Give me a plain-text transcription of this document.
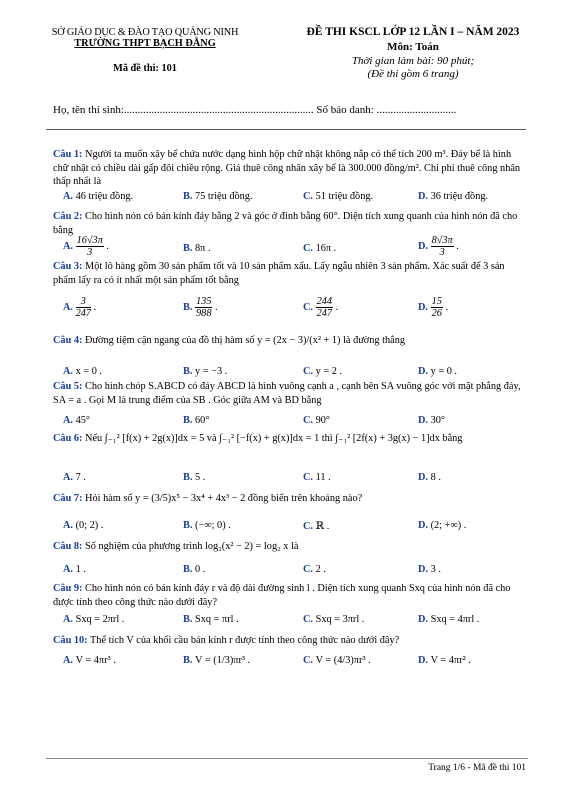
SỞ GIÁO DỤC & ĐÀO TẠO QUẢNG NINH
TRƯỜNG THPT BẠCH ĐẰNG
Mã đề thi: 101
ĐỀ THI KSCL LỚP 12 LẦN I – NĂM 2023
Môn: Toán
Thời gian làm bài: 90 phút;
(Đề thi gồm 6 trang)
Họ, tên thí sinh:..................................................................... Số báo danh: .............................
Câu 1: Người ta muốn xây bể chứa nước dạng hình hộp chữ nhật không nắp có thể tích 200 m³. Đáy bể là hình chữ nhật có chiều dài gấp đôi chiều rộng. Giá thuê công nhân xây bể là 300.000 đồng/m². Chi phí thuê công nhân thấp nhất là
A. 46 triệu đồng.	B. 75 triệu đồng.	C. 51 triệu đồng.	D. 36 triệu đồng.
Câu 2: Cho hình nón có bán kính đáy bằng 2 và góc ở đỉnh bằng 60°. Diện tích xung quanh của hình nón đã cho bằng
A. $\frac{16√3\pi}{3}$ .	B. 8π .	C. 16π .	D. $\frac{8√3\pi}{3}$ .
Câu 3: Một lô hàng gồm 30 sản phẩm tốt và 10 sản phẩm xấu. Lấy ngẫu nhiên 3 sản phẩm. Xác suất để 3 sản phẩm lấy ra có ít nhất một sản phẩm tốt bằng
A. $\frac{3}{247}$ .	B. $\frac{135}{988}$ .	C. $\frac{244}{247}$ .	D. $\frac{15}{26}$ .
Câu 4: Đường tiệm cận ngang của đồ thị hàm số y = (2x − 3)/(x² + 1) là đường thẳng
A. x = 0 .	B. y = −3 .	C. y = 2 .	D. y = 0 .
Câu 5: Cho hình chóp S.ABCD có đáy ABCD là hình vuông cạnh a , cạnh bên SA vuông góc với mặt phẳng đáy, SA = a . Gọi M là trung điểm của SB . Góc giữa AM và BD bằng
A. 45°	B. 60°	C. 90°	D. 30°
Câu 6: Nếu ∫₋₁² [f(x) + 2g(x)]dx = 5 và ∫₋₁² [−f(x) + g(x)]dx = 1 thì ∫₋₁² [2f(x) + 3g(x) − 1]dx bằng
A. 7 .	B. 5 .	C. 11 .	D. 8 .
Câu 7: Hỏi hàm số y = (3/5)x⁵ − 3x⁴ + 4x³ − 2 đồng biến trên khoảng nào?
A. (0; 2) .	B. (−∞; 0) .	C. ℝ .	D. (2; +∞) .
Câu 8: Số nghiệm của phương trình log₂(x² − 2) = log₂ x là
A. 1 .	B. 0 .	C. 2 .	D. 3 .
Câu 9: Cho hình nón có bán kính đáy r và độ dài đường sinh l . Diện tích xung quanh Sxq của hình nón đã cho được tính theo công thức nào dưới đây?
A. Sxq = 2πrl .	B. Sxq = πrl .	C. Sxq = 3πrl .	D. Sxq = 4πrl .
Câu 10: Thể tích V của khối cầu bán kính r được tính theo công thức nào dưới đây?
A. V = 4πr³ .	B. V = (1/3)πr³ .	C. V = (4/3)πr³ .	D. V = 4πr² .
Trang 1/6 - Mã đề thi 101
